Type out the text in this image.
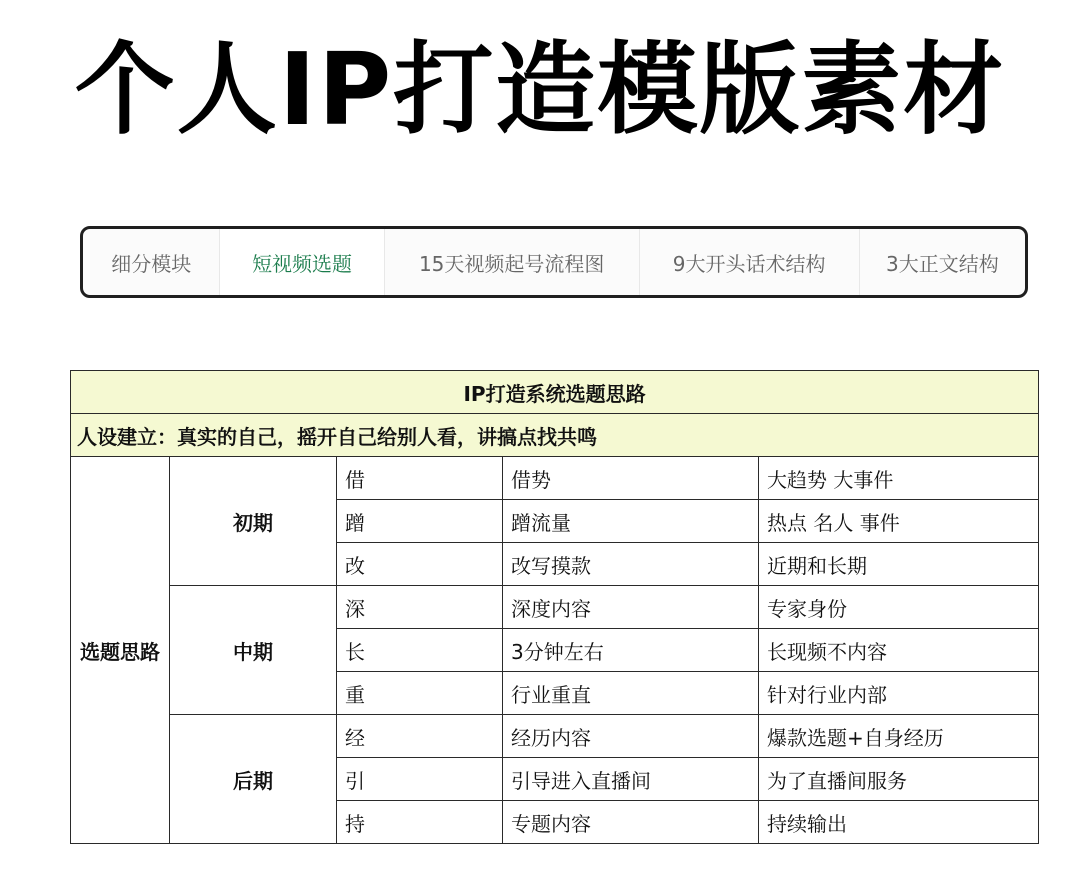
个人IP打造模版素材
细分模块	短视频选题	15天视频起号流程图	9大开头话术结构	3大正文结构
IP打造系统选题思路				
人设建立：真实的自己，摇开自己给别人看，讲搞点找共鸣				
选题思路	初期	借	借势	大趋势 大事件
		蹭	蹭流量	热点 名人 事件
		改	改写摸款	近期和长期
	中期	深	深度内容	专家身份
		长	3分钟左右	长现频不内容
		重	行业重直	针对行业内部
	后期	经	经历内容	爆款选题+自身经历
		引	引导进入直播间	为了直播间服务
		持	专题内容	持续输出
